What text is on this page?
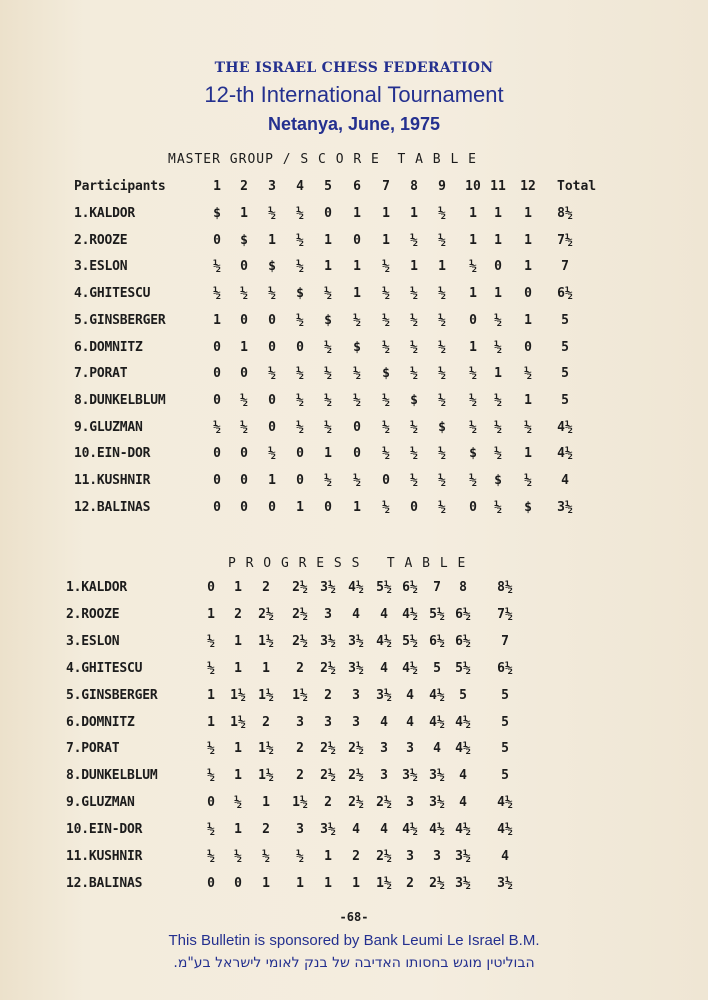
THE ISRAEL CHESS FEDERATION
12-th International Tournament
Netanya, June, 1975
MASTER GROUP / S C O R E  T A B L E
Participants	1	2	3	4	5	6	7	8	9	10 11	12	Total
1.KALDOR	$	1	½	½	0	1	1	1	½	1	1	1	8½
2.ROOZE	0	$	1	½	1	0	1	½	½	1	1	1	7½
3.ESLON	½	0	$	½	1	1	½	1	1	½	0	1	7
4.GHITESCU	½	½	½	$	½	1	½	½	½	1	1	0	6½
5.GINSBERGER	1	0	0	½	$	½	½	½	½	0	½	1	5
6.DOMNITZ	0	1	0	0	½	$	½	½	½	1	½	0	5
7.PORAT	0	0	½	½	½	½	$	½	½	½	1	½	5
8.DUNKELBLUM	0	½	0	½	½	½	½	$	½	½	½	1	5
9.GLUZMAN	½	½	0	½	½	0	½	½	$	½	½	½	4½
10.EIN-DOR	0	0	½	0	1	0	½	½	½	$	½	1	4½
11.KUSHNIR	0	0	1	0	½	½	0	½	½	½	$	½	4
12.BALINAS	0	0	0	1	0	1	½	0	½	0	½	$	3½
P R O G R E S S   T A B L E
1.KALDOR	0	1	2	2½ 3½ 4½ 5½ 6½	7	8	8½
2.ROOZE	1	2	2½	2½	3	4	4	4½ 5½ 6½	7½
3.ESLON	½	1	1½	2½ 3½ 3½ 4½ 5½ 6½ 6½	7
4.GHITESCU	½	1	1	2	2½ 3½	4	4½	5	5½	6½
5.GINSBERGER	1	1½ 1½	1½	2	3	3½	4	4½	5	5
6.DOMNITZ	1	1½	2	3	3	3	4	4	4½ 4½	5
7.PORAT	½	1	1½	2	2½ 2½	3	3	4	4½	5
8.DUNKELBLUM	½	1	1½	2	2½ 2½	3	3½ 3½	4	5
9.GLUZMAN	0	½	1	1½	2	2½ 2½	3	3½	4	4½
10.EIN-DOR	½	1	2	3	3½	4	4	4½ 4½ 4½	4½
11.KUSHNIR	½	½	½	½	1	2	2½	3	3	3½	4
12.BALINAS	0	0	1	1	1	1	1½	2	2½ 3½	3½
-68-
This Bulletin is sponsored by Bank Leumi Le Israel B.M.
הבוליטין מוגש בחסותו האדיבה של בנק לאומי לישראל בע"מ.
